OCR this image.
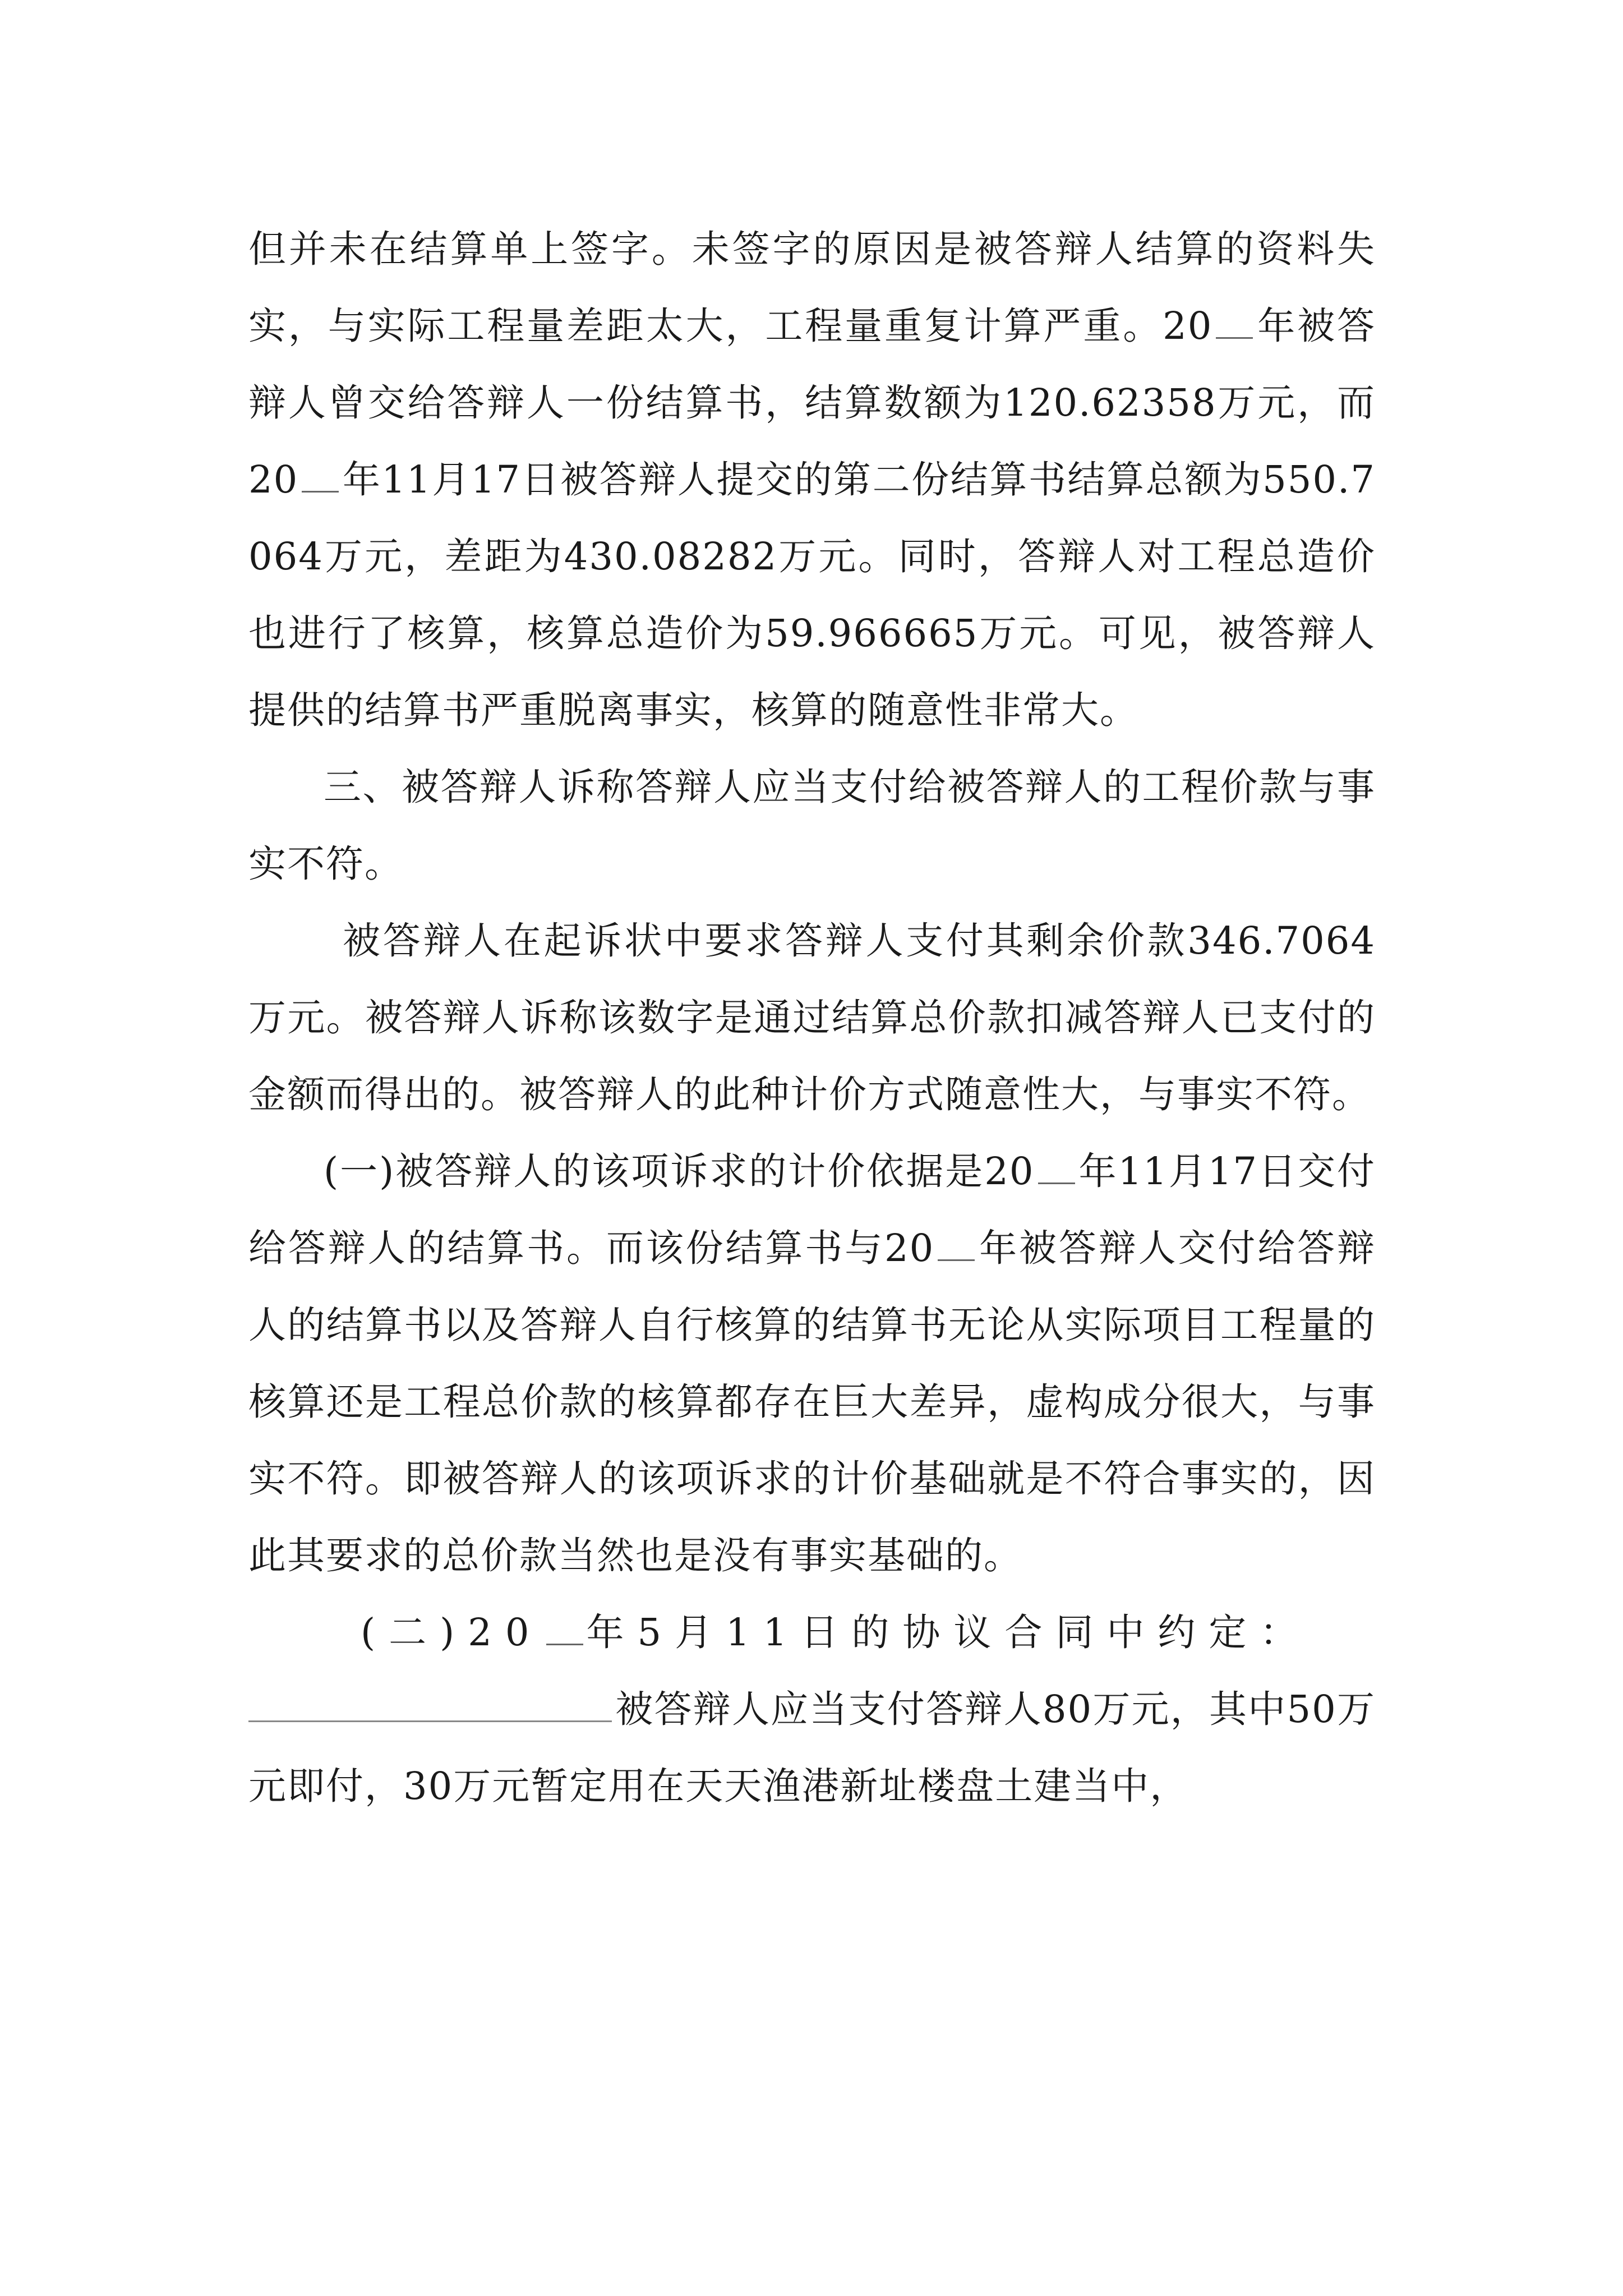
但并未在结算单上签字。未签字的原因是被答辩人结算的资料失实，与实际工程量差距太大，工程量重复计算严重。20 年被答辩人曾交给答辩人一份结算书，结算数额为120.62358万元，而20 年11月17日被答辩人提交的第二份结算书结算总额为550.7064万元，差距为430.08282万元。同时，答辩人对工程总造价也进行了核算，核算总造价为59.966665万元。可见，被答辩人提供的结算书严重脱离事实，核算的随意性非常大。

三、被答辩人诉称答辩人应当支付给被答辩人的工程价款与事实不符。

被答辩人在起诉状中要求答辩人支付其剩余价款346.7064万元。被答辩人诉称该数字是通过结算总价款扣减答辩人已支付的金额而得出的。被答辩人的此种计价方式随意性大，与事实不符。

(一)被答辩人的该项诉求的计价依据是20 年11月17日交付给答辩人的结算书。而该份结算书与20 年被答辩人交付给答辩人的结算书以及答辩人自行核算的结算书无论从实际项目工程量的核算还是工程总价款的核算都存在巨大差异，虚构成分很大，与事实不符。即被答辩人的该项诉求的计价基础就是不符合事实的，因此其要求的总价款当然也是没有事实基础的。

(二)20 年5月11日的协议合同中约定：

被答辩人应当支付答辩人80万元，其中50万元即付，30万元暂定用在天天渔港新址楼盘土建当中，
